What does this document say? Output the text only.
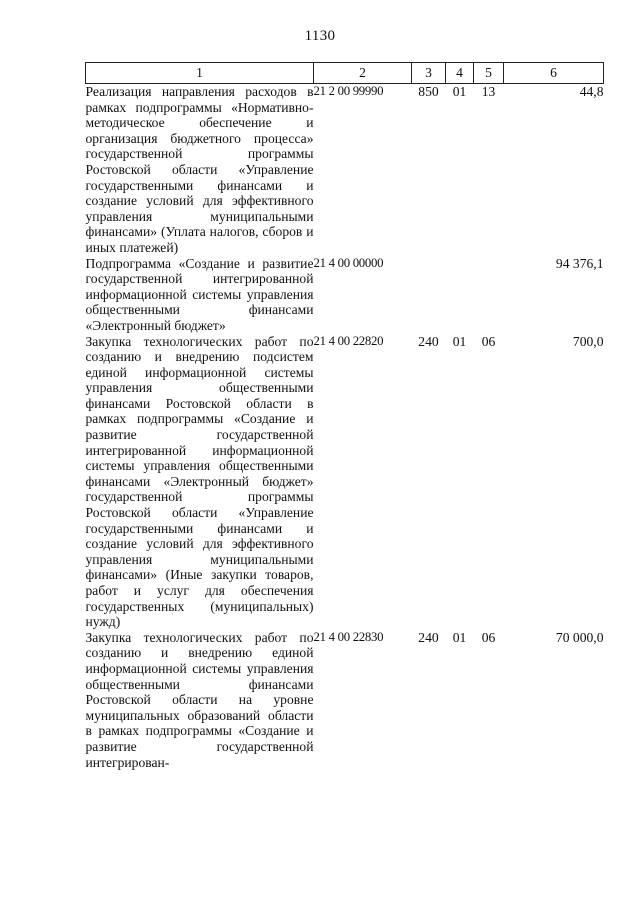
1130
1	2	3	4	5	6
Реализация направления расходов в рамках подпрограммы «Нормативно-методическое обеспечение и организация бюджетного процесса» государственной программы Ростовской области «Управление государственными финансами и создание условий для эффективного управления муниципальными финансами» (Уплата налогов, сборов и иных платежей)	21 2 00 99990	850	01	13	44,8
Подпрограмма «Создание и развитие государственной интегрированной информационной системы управления общественными финансами «Электронный бюджет»	21 4 00 00000				94 376,1
Закупка технологических работ по созданию и внедрению подсистем единой информационной системы управления общественными финансами Ростовской области в рамках подпрограммы «Создание и развитие государственной интегрированной информационной системы управления общественными финансами «Электронный бюджет» государственной программы Ростовской области «Управление государственными финансами и создание условий для эффективного управления муниципальными финансами» (Иные закупки товаров, работ и услуг для обеспечения государственных (муниципальных) нужд)	21 4 00 22820	240	01	06	700,0
Закупка технологических работ по созданию и внедрению единой информационной системы управления общественными финансами Ростовской области на уровне муниципальных образований области в рамках подпрограммы «Создание и развитие государственной интегрирован-	21 4 00 22830	240	01	06	70 000,0
